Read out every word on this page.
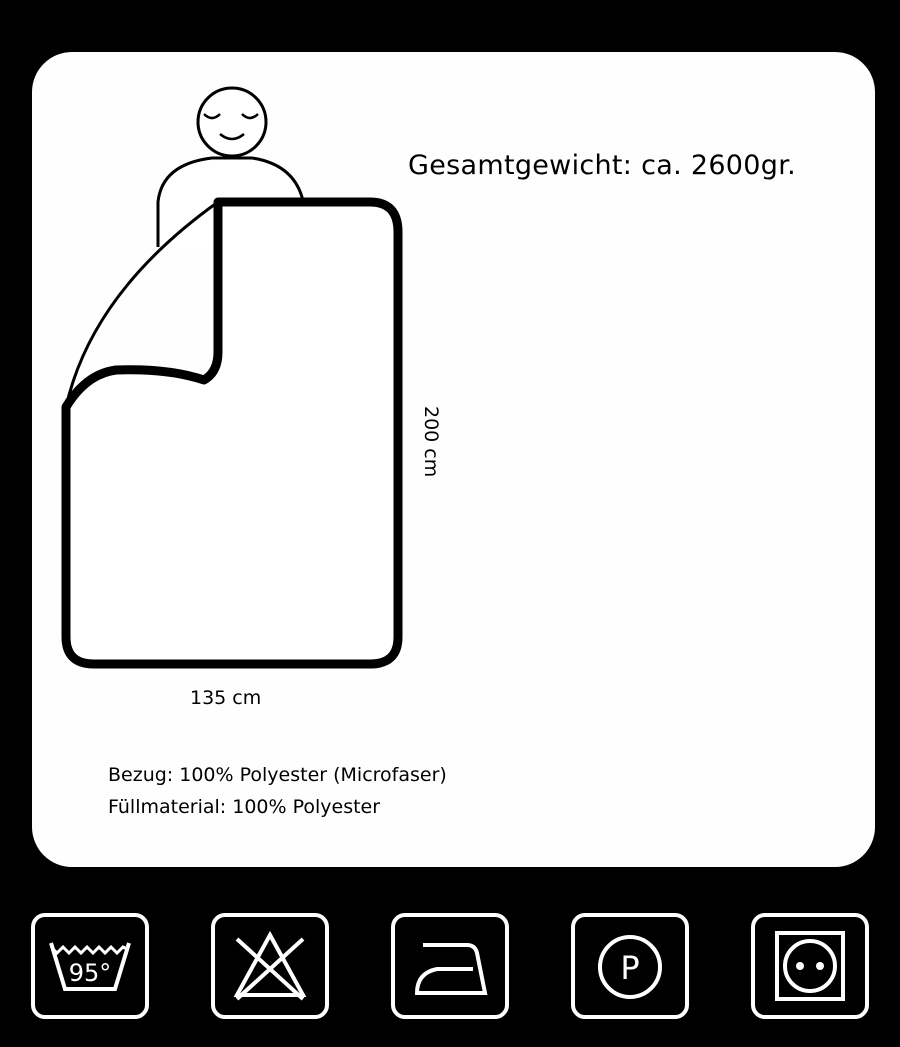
Gesamtgewicht: ca. 2600gr.
200 cm
135 cm
Bezug: 100% Polyester (Microfaser)
Füllmaterial: 100% Polyester
95°	P
